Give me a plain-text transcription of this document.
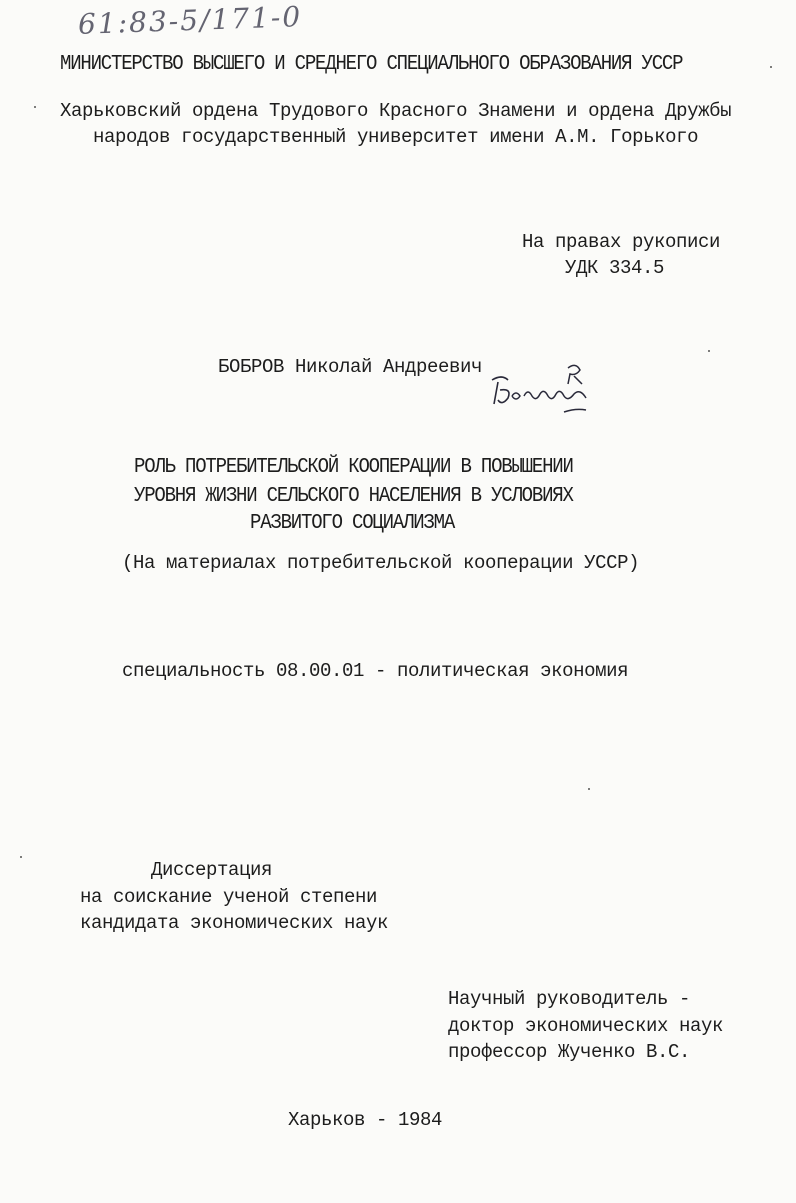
61:83-5/171-0
МИНИСТЕРСТВО ВЫСШЕГО И СРЕДНЕГО СПЕЦИАЛЬНОГО ОБРАЗОВАНИЯ УССР
Харьковский ордена Трудового Красного Знамени и ордена Дружбы
народов государственный университет имени А.М. Горького
На правах рукописи
УДК 334.5
БОБРОВ Николай Андреевич
РОЛЬ ПОТРЕБИТЕЛЬСКОЙ КООПЕРАЦИИ В ПОВЫШЕНИИ
УРОВНЯ ЖИЗНИ СЕЛЬСКОГО НАСЕЛЕНИЯ В УСЛОВИЯХ
РАЗВИТОГО СОЦИАЛИЗМА
(На материалах потребительской кооперации УССР)
специальность 08.00.01 - политическая экономия
Диссертация
на соискание ученой степени
кандидата экономических наук
Научный руководитель -
доктор экономических наук
профессор Жученко В.С.
Харьков - 1984
